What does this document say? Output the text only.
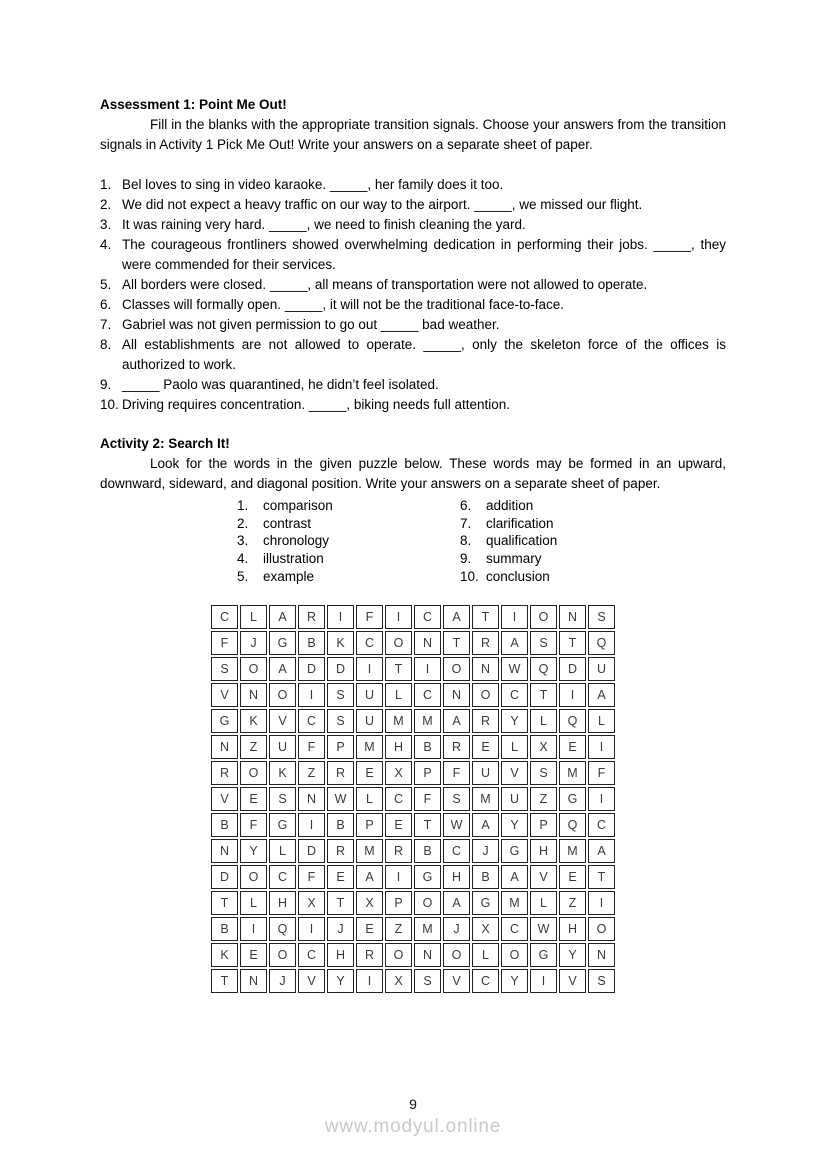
Assessment 1: Point Me Out!

Fill in the blanks with the appropriate transition signals. Choose your answers from the transition signals in Activity 1 Pick Me Out! Write your answers on a separate sheet of paper.

1. Bel loves to sing in video karaoke. _____, her family does it too.
2. We did not expect a heavy traffic on our way to the airport. _____, we missed our flight.
3. It was raining very hard. _____, we need to finish cleaning the yard.
4. The courageous frontliners showed overwhelming dedication in performing their jobs. _____, they were commended for their services.
5. All borders were closed. _____, all means of transportation were not allowed to operate.
6. Classes will formally open. _____, it will not be the traditional face-to-face.
7. Gabriel was not given permission to go out _____ bad weather.
8. All establishments are not allowed to operate. _____, only the skeleton force of the offices is authorized to work.
9. _____ Paolo was quarantined, he didn’t feel isolated.
10. Driving requires concentration. _____, biking needs full attention.
Activity 2: Search It!

Look for the words in the given puzzle below. These words may be formed in an upward, downward, sideward, and diagonal position. Write your answers on a separate sheet of paper.

1.	comparison
2.	contrast
3.	chronology
4.	illustration
5.	example
6.	addition
7.	clarification
8.	qualification
9.	summary
10. conclusion
C	L	A	R	I	F	I	C	A	T	I	O	N	S
F	J	G	B	K	C	O	N	T	R	A	S	T	Q
S	O	A	D	D	I	T	I	O	N	W	Q	D	U
V	N	O	I	S	U	L	C	N	O	C	T	I	A
G	K	V	C	S	U	M	M	A	R	Y	L	Q	L
N	Z	U	F	P	M	H	B	R	E	L	X	E	I
R	O	K	Z	R	E	X	P	F	U	V	S	M	F
V	E	S	N	W	L	C	F	S	M	U	Z	G	I
B	F	G	I	B	P	E	T	W	A	Y	P	Q	C
N	Y	L	D	R	M	R	B	C	J	G	H	M	A
D	O	C	F	E	A	I	G	H	B	A	V	E	T
T	L	H	X	T	X	P	O	A	G	M	L	Z	I
B	I	Q	I	J	E	Z	M	J	X	C	W	H	O
K	E	O	C	H	R	O	N	O	L	O	G	Y	N
T	N	J	V	Y	I	X	S	V	C	Y	I	V	S
9
www.modyul.online
